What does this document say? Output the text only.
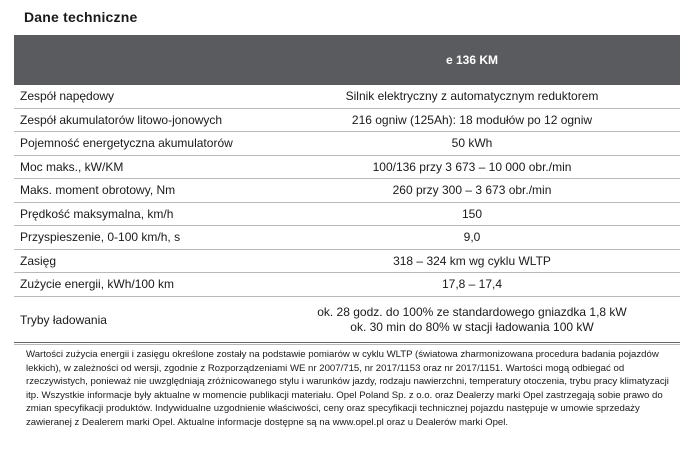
Dane techniczne
	e 136 KM
Zespół napędowy	Silnik elektryczny z automatycznym reduktorem
Zespół akumulatorów litowo-jonowych	216 ogniw (125Ah): 18 modułów po 12 ogniw
Pojemność energetyczna akumulatorów	50 kWh
Moc maks., kW/KM	100/136 przy 3 673 – 10 000 obr./min
Maks. moment obrotowy, Nm	260 przy 300 – 3 673 obr./min
Prędkość maksymalna, km/h	150
Przyspieszenie, 0-100 km/h, s	9,0
Zasięg	318 – 324 km wg cyklu WLTP
Zużycie energii, kWh/100 km	17,8 – 17,4
Tryby ładowania	ok. 28 godz. do 100% ze standardowego gniazdka 1,8 kW
ok. 30 min do 80% w stacji ładowania 100 kW
Wartości zużycia energii i zasięgu określone zostały na podstawie pomiarów w cyklu WLTP (światowa zharmonizowana procedura badania pojazdów lekkich), w zależności od wersji, zgodnie z Rozporządzeniami WE nr 2007/715, nr 2017/1153 oraz nr 2017/1151. Wartości mogą odbiegać od rzeczywistych, ponieważ nie uwzględniają zróżnicowanego stylu i warunków jazdy, rodzaju nawierzchni, temperatury otoczenia, trybu pracy klimatyzacji itp. Wszystkie informacje były aktualne w momencie publikacji materiału. Opel Poland Sp. z o.o. oraz Dealerzy marki Opel zastrzegają sobie prawo do zmian specyfikacji produktów. Indywidualne uzgodnienie właściwości, ceny oraz specyfikacji technicznej pojazdu następuje w umowie sprzedaży zawieranej z Dealerem marki Opel. Aktualne informacje dostępne są na www.opel.pl oraz u Dealerów marki Opel.
